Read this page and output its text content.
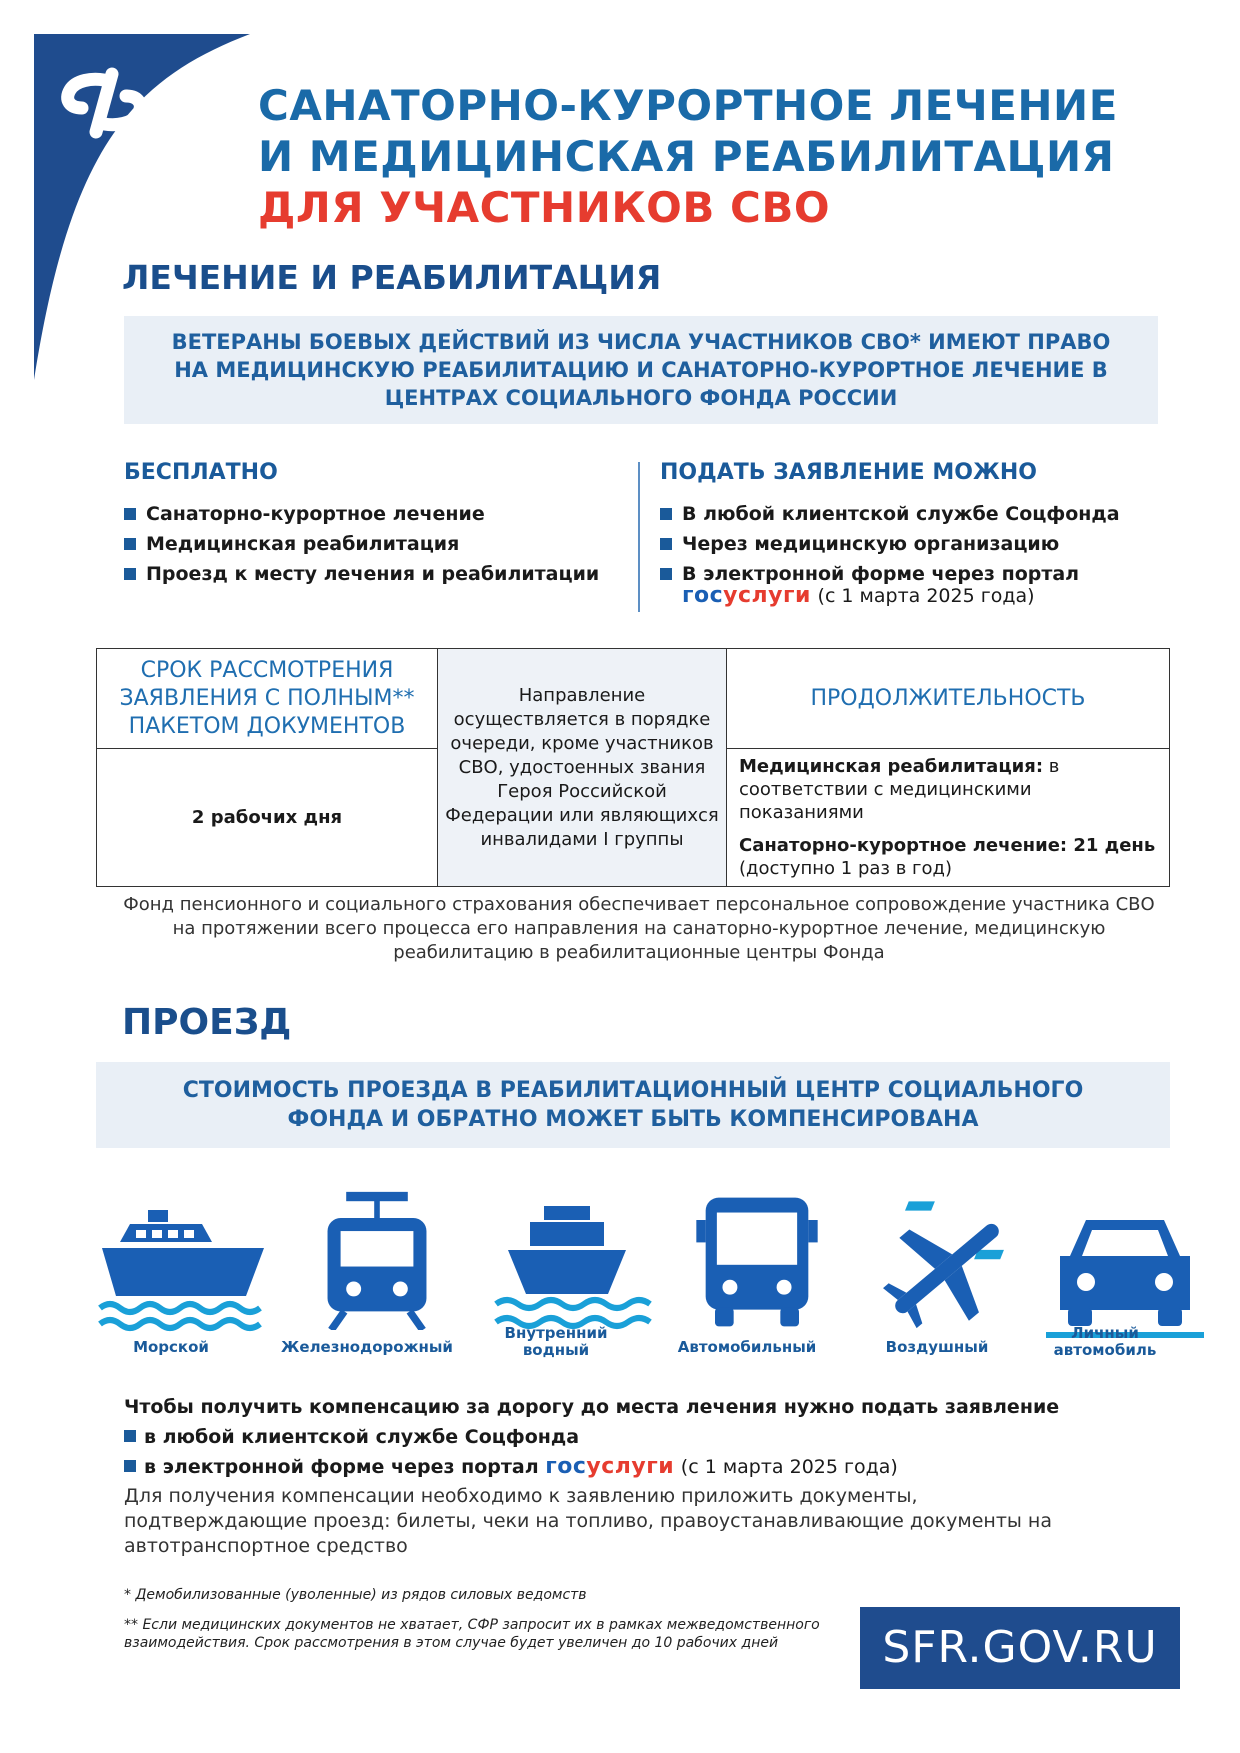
САНАТОРНО-КУРОРТНОЕ ЛЕЧЕНИЕ
И МЕДИЦИНСКАЯ РЕАБИЛИТАЦИЯ
ДЛЯ УЧАСТНИКОВ СВО
ЛЕЧЕНИЕ И РЕАБИЛИТАЦИЯ
ВЕТЕРАНЫ БОЕВЫХ ДЕЙСТВИЙ ИЗ ЧИСЛА УЧАСТНИКОВ СВО* ИМЕЮТ ПРАВО НА МЕДИЦИНСКУЮ РЕАБИЛИТАЦИЮ И САНАТОРНО-КУРОРТНОЕ ЛЕЧЕНИЕ В ЦЕНТРАХ СОЦИАЛЬНОГО ФОНДА РОССИИ
БЕСПЛАТНО
Санаторно-курортное лечение
Медицинская реабилитация
Проезд к месту лечения и реабилитации
ПОДАТЬ ЗАЯВЛЕНИЕ МОЖНО
В любой клиентской службе Соцфонда
Через медицинскую организацию
В электронной форме через портал
госуслуги (с 1 марта 2025 года)
СРОК РАССМОТРЕНИЯ ЗАЯВЛЕНИЯ С ПОЛНЫМ** ПАКЕТОМ ДОКУМЕНТОВ	Направление осуществляется в порядке очереди, кроме участников СВО, удостоенных звания Героя Российской Федерации или являющихся инвалидами I группы	ПРОДОЛЖИТЕЛЬНОСТЬ

2 рабочих дня		Медицинская реабилитация: в соответствии с медицинскими показаниями
Санаторно-курортное лечение: 21 день
(доступно 1 раз в год)
Фонд пенсионного и социального страхования обеспечивает персональное сопровождение участника СВО на протяжении всего процесса его направления на санаторно-курортное лечение, медицинскую реабилитацию в реабилитационные центры Фонда
ПРОЕЗД
СТОИМОСТЬ ПРОЕЗДА В РЕАБИЛИТАЦИОННЫЙ ЦЕНТР СОЦИАЛЬНОГО ФОНДА И ОБРАТНО МОЖЕТ БЫТЬ КОМПЕНСИРОВАНА
Морской	Железнодорожный
Внутренний водный	Автомобильный	Воздушный
Личный автомобиль
Чтобы получить компенсацию за дорогу до места лечения нужно подать заявление
в любой клиентской службе Соцфонда
в электронной форме через портал госуслуги (с 1 марта 2025 года)
Для получения компенсации необходимо к заявлению приложить документы, подтверждающие проезд: билеты, чеки на топливо, правоустанавливающие документы на автотранспортное средство
* Демобилизованные (уволенные) из рядов силовых ведомств
** Если медицинских документов не хватает, СФР запросит их в рамках межведомственного взаимодействия. Срок рассмотрения в этом случае будет увеличен до 10 рабочих дней	SFR.GOV.RU
